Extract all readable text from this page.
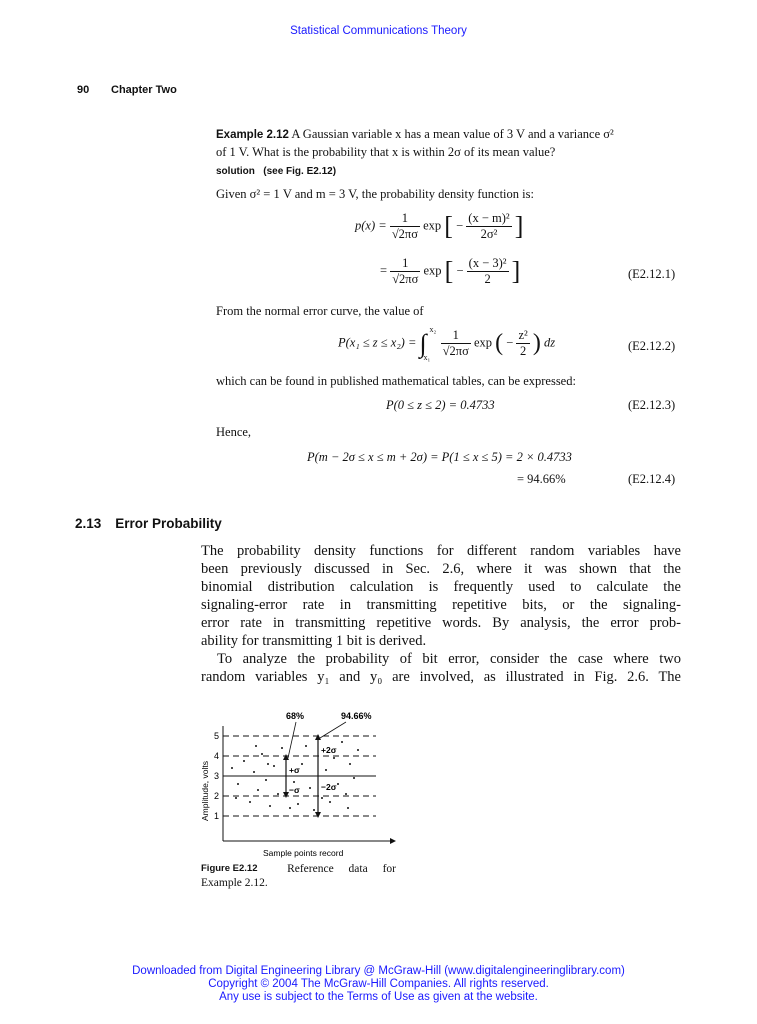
Statistical Communications Theory
90 Chapter Two
Example 2.12 A Gaussian variable x has a mean value of 3 V and a variance σ²
of 1 V. What is the probability that x is within 2σ of its mean value?
solution (see Fig. E2.12)
Given σ² = 1 V and m = 3 V, the probability density function is:
$p(x) = \frac{1}{√2\pi\sigma}$ exp [ − $\frac{\text{(x − m)²}}{\text{2σ²}}$ ]
= $\frac{1}{√2\pi\sigma}$ exp [ − $\frac{\text{(x − 3)²}}{2}$ ]	(E2.12.1)
From the normal error curve, the value of
P(x₁ ≤ z ≤ x₂) = ∫ x₂
x₁
$\frac{1}{√2\pi\sigma}$ exp ( − $\frac{\text{z²}}{2}$ ) dz	(E2.12.2)
which can be found in published mathematical tables, can be expressed:
P(0 ≤ z ≤ 2) = 0.4733	(E2.12.3)
Hence,
P(m − 2σ ≤ x ≤ m + 2σ) = P(1 ≤ x ≤ 5) = 2 × 0.4733
= 94.66%	(E2.12.4)
2.13 Error Probability
The probability density functions for different random variables have
been previously discussed in Sec. 2.6, where it was shown that the
binomial distribution calculation is frequently used to calculate the
signaling-error rate in transmitting repetitive bits, or the signaling-
error rate in transmitting repetitive words. By analysis, the error prob-
ability for transmitting 1 bit is derived.
To analyze the probability of bit error, consider the case where two
random variables y₁ and y₀ are involved, as illustrated in Fig. 2.6. The
68%	94.66%
5
4
3
2
1
+σ
−σ
+2σ
−2σ
Sample points record
Amplitude, volts
Figure E2.12	Reference data for
Example 2.12.
Downloaded from Digital Engineering Library @ McGraw-Hill (www.digitalengineeringlibrary.com)
Copyright © 2004 The McGraw-Hill Companies. All rights reserved.
Any use is subject to the Terms of Use as given at the website.
